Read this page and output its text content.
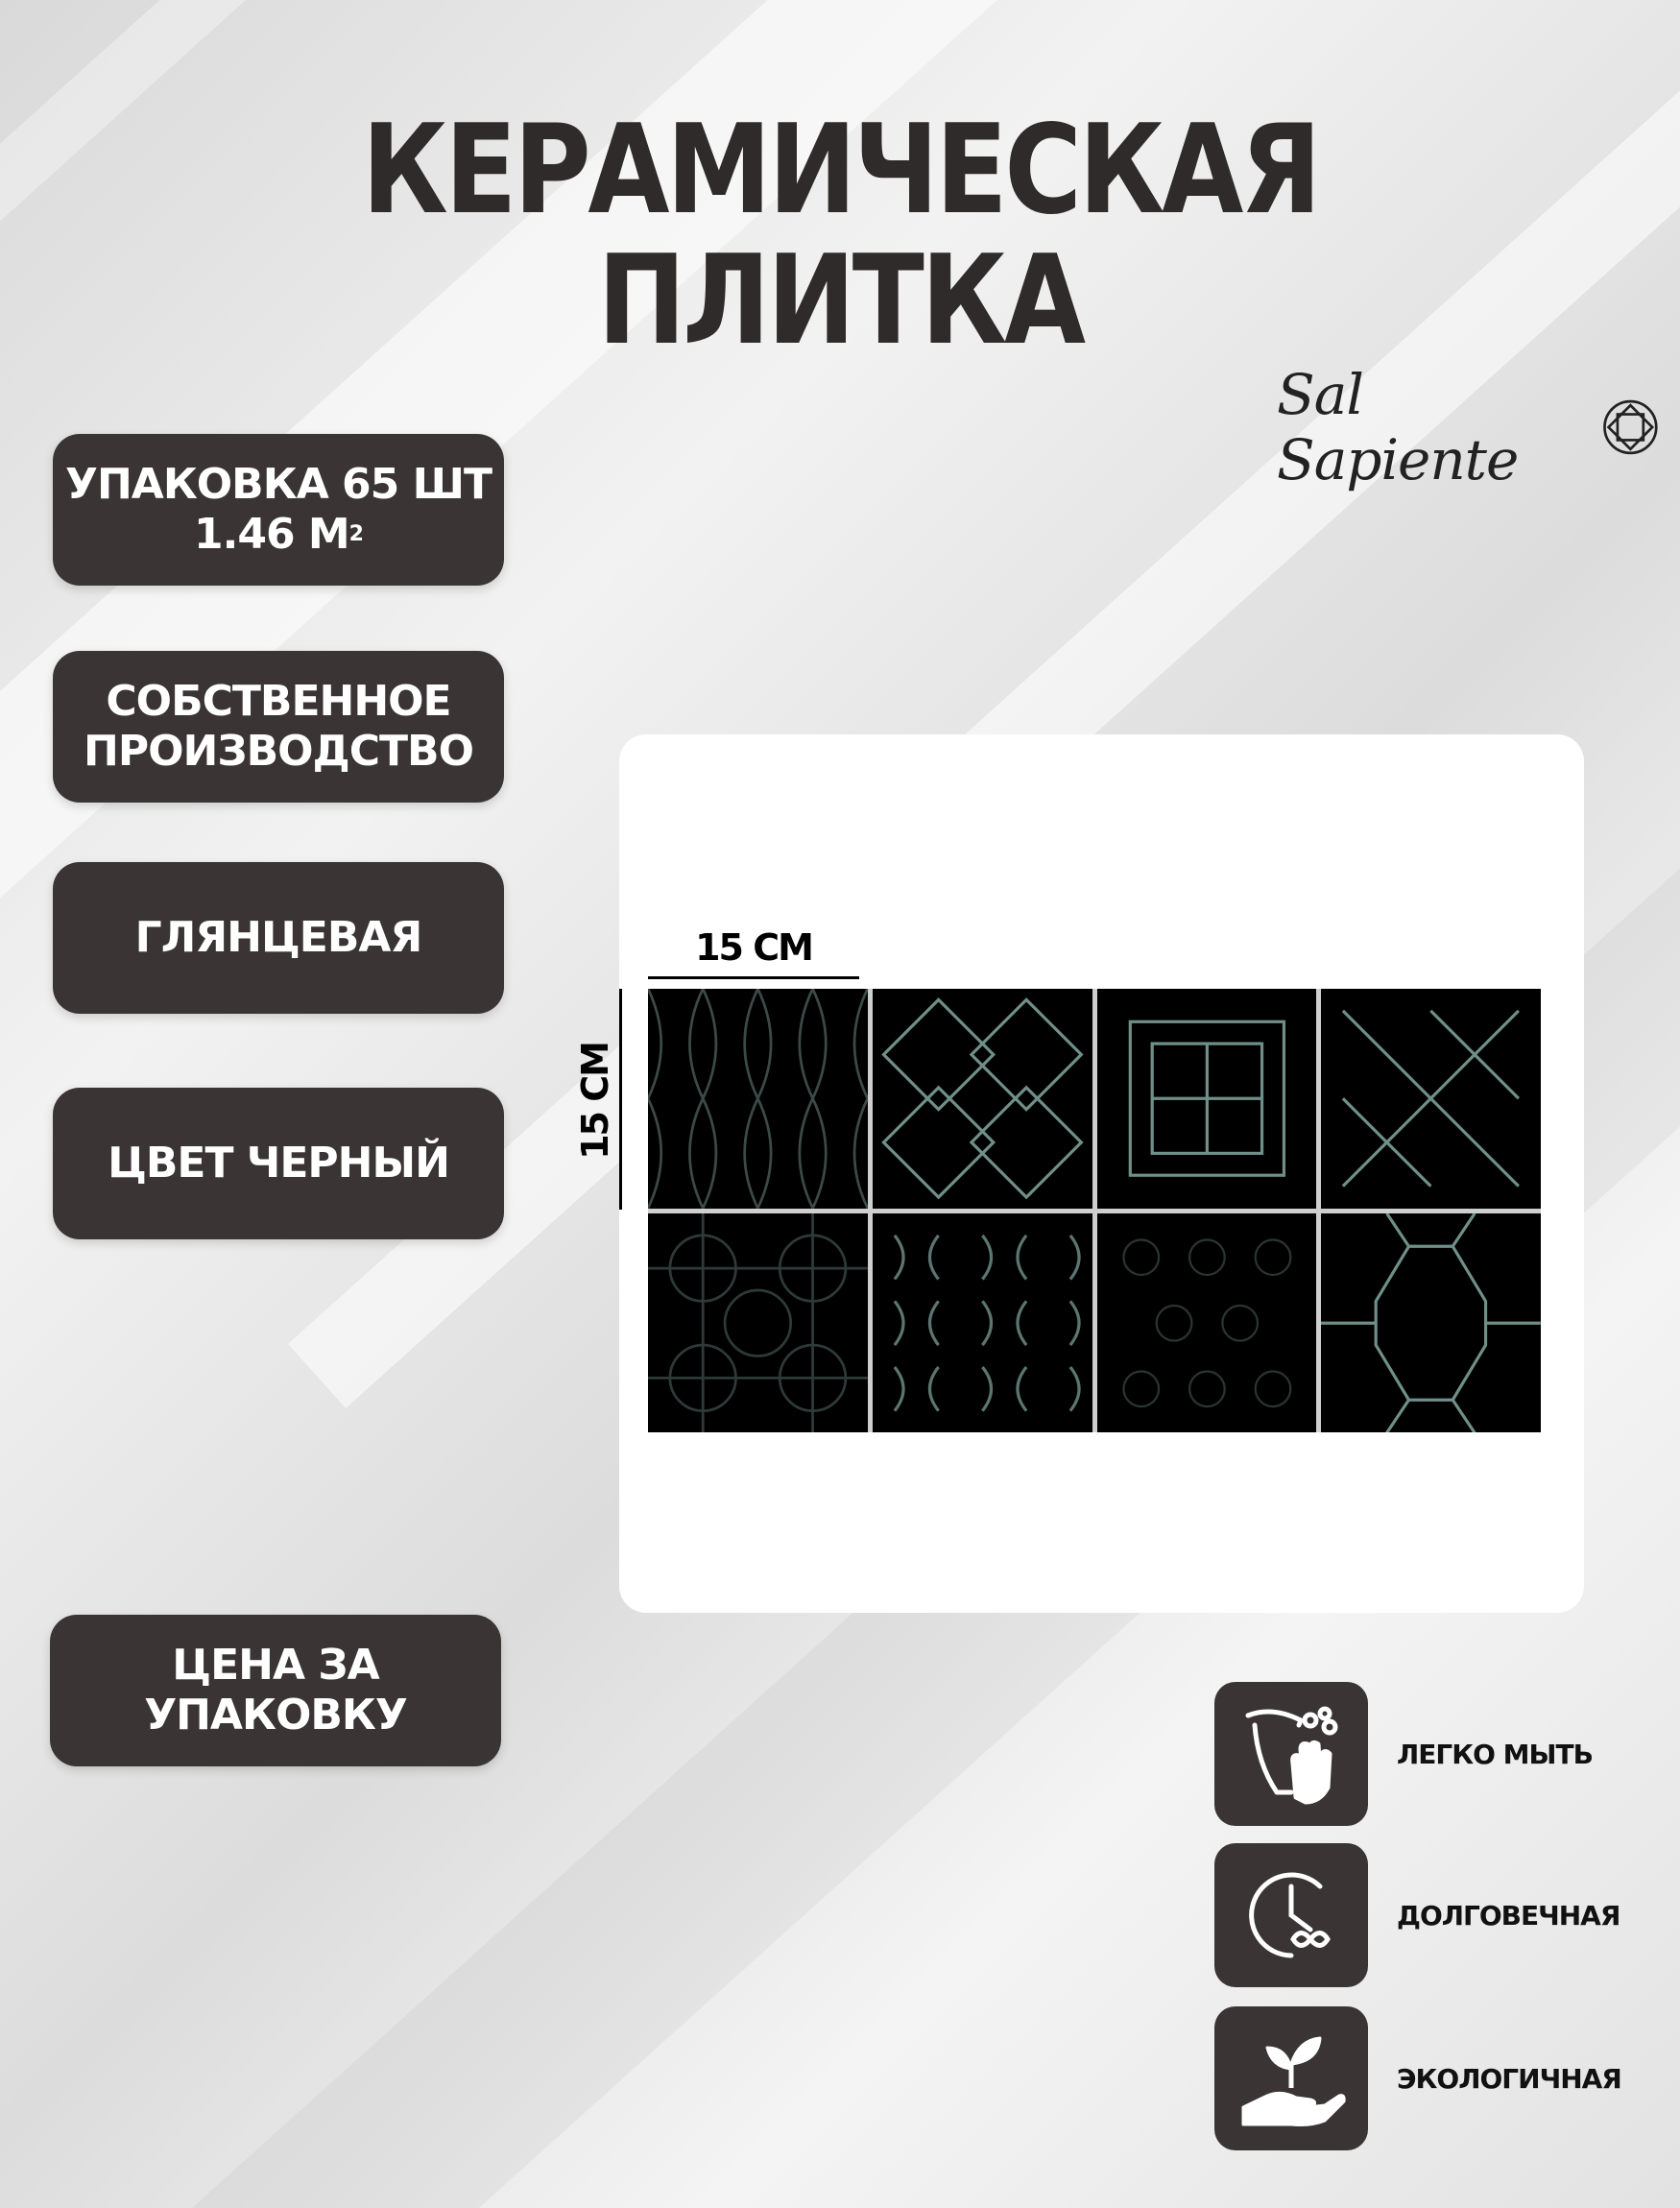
КЕРАМИЧЕСКАЯ
ПЛИТКА
Sal Sapiente
УПАКОВКА 65 ШТ
1.46 $М^2$
СОБСТВЕННОЕ
ПРОИЗВОДСТВО
ГЛЯНЦЕВАЯ
ЦВЕТ ЧЕРНЫЙ
ЦЕНА ЗА
УПАКОВКУ
15 СМ
15 СМ
ЛЕГКО МЫТЬ
ДОЛГОВЕЧНАЯ
ЭКОЛОГИЧНАЯ
